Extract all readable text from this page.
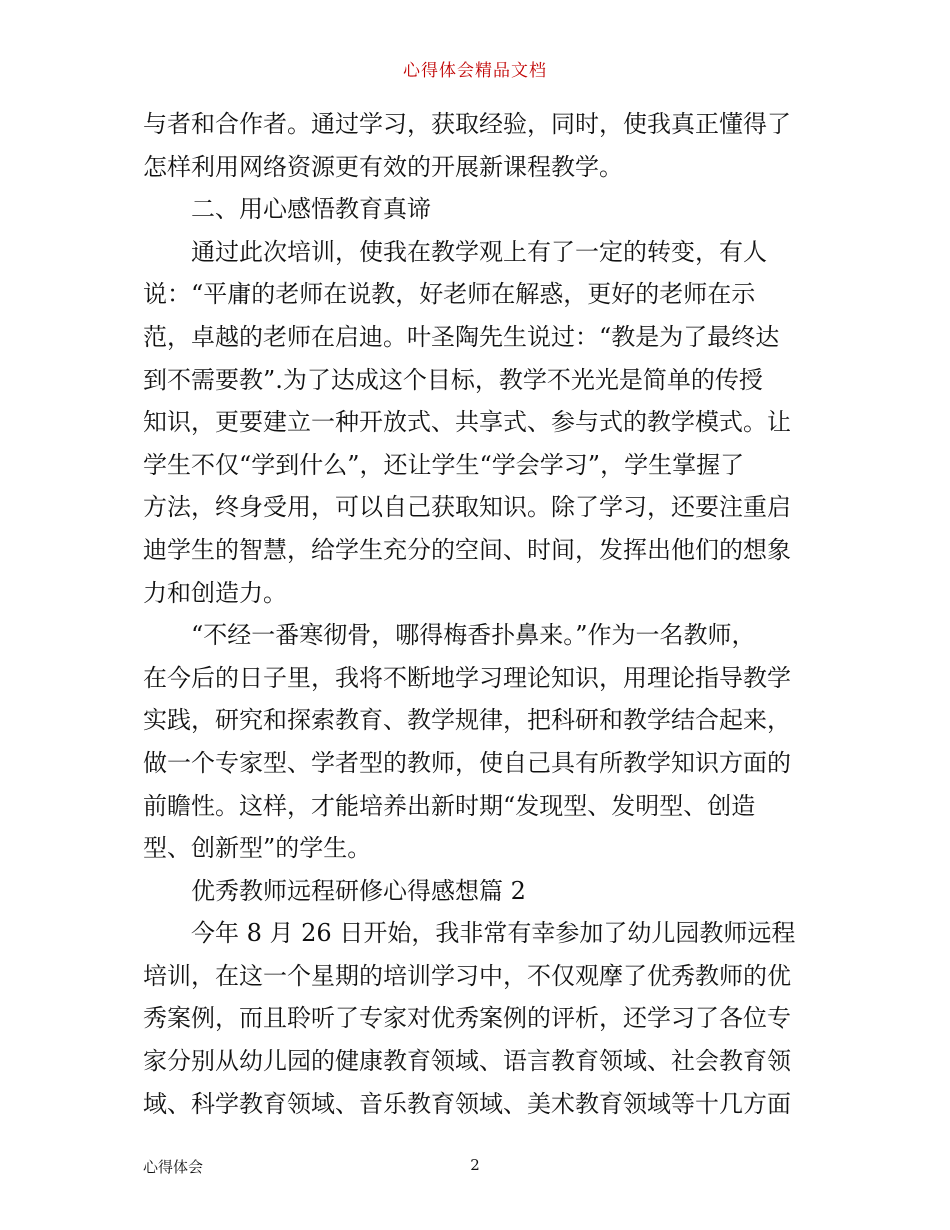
心得体会精品文档
与者和合作者。通过学习，获取经验，同时，使我真正懂得了
怎样利用网络资源更有效的开展新课程教学。
二、用心感悟教育真谛
通过此次培训，使我在教学观上有了一定的转变，有人
说：“平庸的老师在说教，好老师在解惑，更好的老师在示
范，卓越的老师在启迪。叶圣陶先生说过：“教是为了最终达
到不需要教”.为了达成这个目标，教学不光光是简单的传授
知识，更要建立一种开放式、共享式、参与式的教学模式。让
学生不仅“学到什么”，还让学生“学会学习”，学生掌握了
方法，终身受用，可以自己获取知识。除了学习，还要注重启
迪学生的智慧，给学生充分的空间、时间，发挥出他们的想象
力和创造力。
“不经一番寒彻骨，哪得梅香扑鼻来。”作为一名教师，
在今后的日子里，我将不断地学习理论知识，用理论指导教学
实践，研究和探索教育、教学规律，把科研和教学结合起来，
做一个专家型、学者型的教师，使自己具有所教学知识方面的
前瞻性。这样，才能培养出新时期“发现型、发明型、创造
型、创新型”的学生。
优秀教师远程研修心得感想篇 2
今年 8 月 26 日开始，我非常有幸参加了幼儿园教师远程
培训，在这一个星期的培训学习中，不仅观摩了优秀教师的优
秀案例，而且聆听了专家对优秀案例的评析，还学习了各位专
家分别从幼儿园的健康教育领域、语言教育领域、社会教育领
域、科学教育领域、音乐教育领域、美术教育领域等十几方面
心得体会	2
